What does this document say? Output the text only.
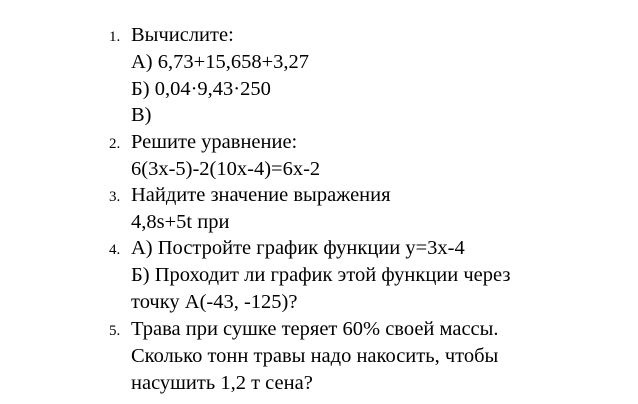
1. Вычислите:
А) 6,73+15,658+3,27
Б) 0,04·9,43·250
В)
2. Решите уравнение:
6(3х-5)-2(10х-4)=6х-2
3. Найдите значение выражения
4,8s+5t при
4. А) Постройте график функции у=3х-4
Б) Проходит ли график этой функции через
точку А(-43, -125)?
5. Трава при сушке теряет 60% своей массы.
Сколько тонн травы надо накосить, чтобы
насушить 1,2 т сена?
